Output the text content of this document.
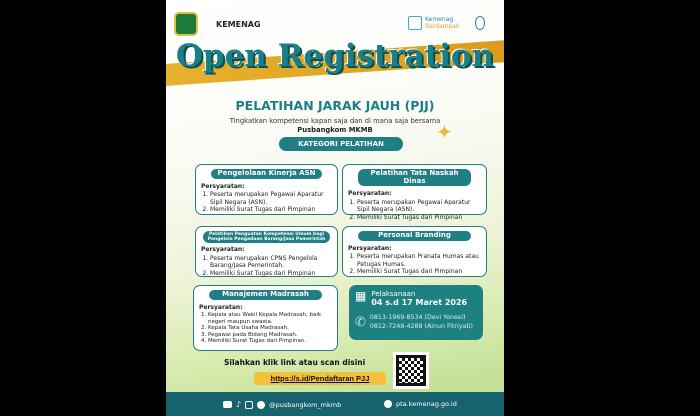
KEMENAG
Kemenag
Berdampak
Open Registration
PELATIHAN JARAK JAUH (PJJ)
Tingkatkan kompetensi kapan saja dan di mana saja bersama
Pusbangkom MKMB
KATEGORI PELATIHAN	✦
Pengelolaan Kinerja ASN
Persyaratan:
1. Peserta merupakan Pegawai Aparatur Sipil Negara (ASN).
2. Memiliki Surat Tugas dari Pimpinan
Pelatihan Tata Naskah Dinas
Persyaratan:
1. Peserta merupakan Pegawai Aparatur Sipil Negara (ASN).
2. Memiliki Surat Tugas dari Pimpinan
Pelatihan Penguatan Kompetensi Umum bagi Pengelola Pengadaan Barang/Jasa Pemerintah
Persyaratan:
1. Peserta merupakan CPNS Pengelola Barang/Jasa Pemerintah.
2. Memiliki Surat Tugas dari Pimpinan
Personal Branding
Persyaratan:
1. Peserta merupakan Pranata Humas atau Petugas Humas.
2. Memiliki Surat Tugas dari Pimpinan
Manajemen Madrasah
Persyaratan:
1. Kepala atau Wakil Kepala Madrasah, baik negeri maupun swasta.
2. Kepala Tata Usaha Madrasah.
3. Pegawai pada Bidang Madrasah.
4. Memiliki Surat Tugas dari Pimpinan.
▦ Pelaksanaan
04 s.d 17 Maret 2026
✆ 0813-1969-8534 (Devi Yonesi)
0812-7248-4288 (Ainun Fitriyati)
Silahkan klik link atau scan disini
https://s.id/Pendaftaran PJJ
♪	@pusbangkom_mkmb	pta.kemenag.go.id
